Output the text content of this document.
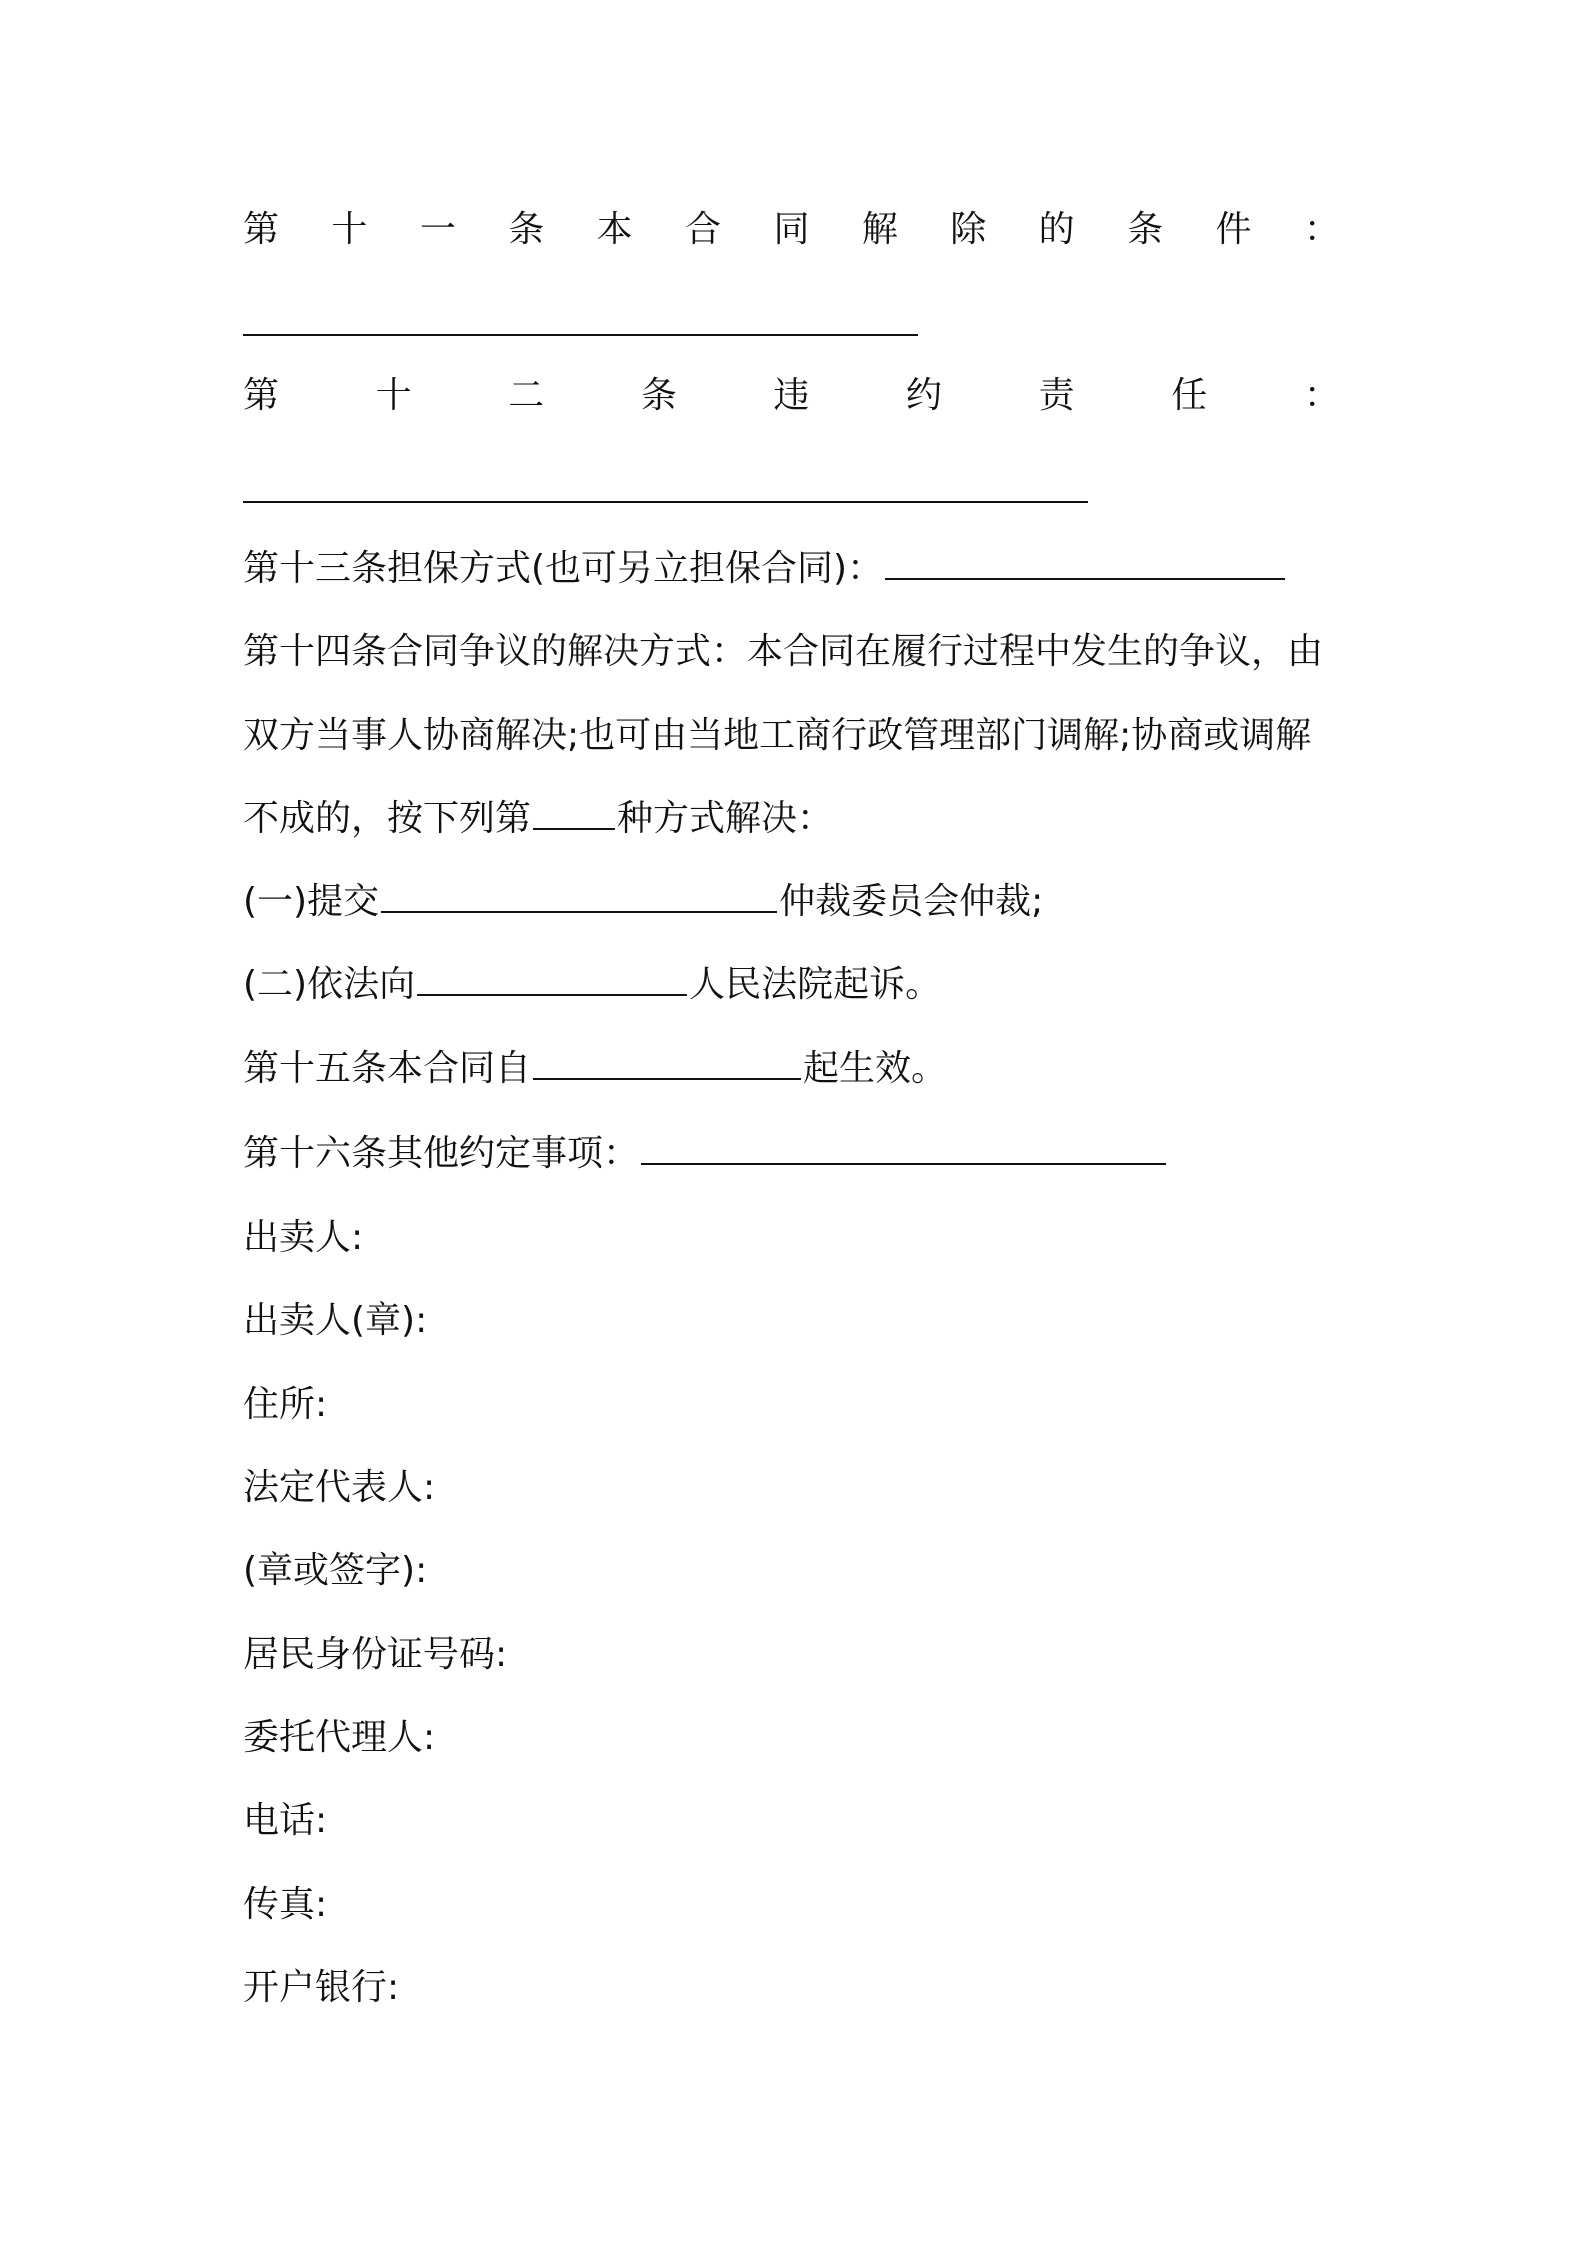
第 十 一 条 本 合 同 解 除 的 条 件 ：
第	十	二	条	违	约	责	任	：
第十三条担保方式(也可另立担保合同)：
第十四条合同争议的解决方式：本合同在履行过程中发生的争议，由
双方当事人协商解决;也可由当地工商行政管理部门调解;协商或调解
不成的，按下列第 种方式解决：
(一)提交	仲裁委员会仲裁;
(二)依法向	人民法院起诉。
第十五条本合同自	起生效。
第十六条其他约定事项：
出卖人:
出卖人(章):
住所:
法定代表人:
(章或签字):
居民身份证号码:
委托代理人:
电话:
传真:
开户银行:
